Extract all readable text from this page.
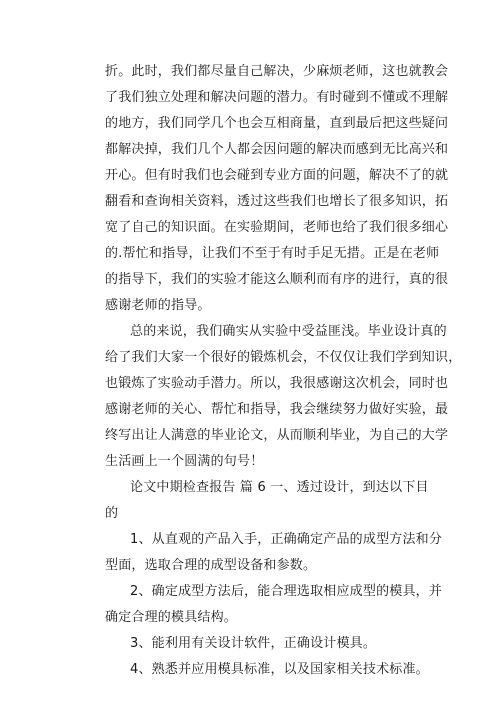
折。此时，我们都尽量自己解决，少麻烦老师，这也就教会
了我们独立处理和解决问题的潜力。有时碰到不懂或不理解
的地方，我们同学几个也会互相商量，直到最后把这些疑问
都解决掉，我们几个人都会因问题的解决而感到无比高兴和
开心。但有时我们也会碰到专业方面的问题，解决不了的就
翻看和查询相关资料，透过这些我们也增长了很多知识，拓
宽了自己的知识面。在实验期间，老师也给了我们很多细心
的.帮忙和指导，让我们不至于有时手足无措。正是在老师
的指导下，我们的实验才能这么顺利而有序的进行，真的很
感谢老师的指导。
总的来说，我们确实从实验中受益匪浅。毕业设计真的
给了我们大家一个很好的锻炼机会，不仅仅让我们学到知识，
也锻炼了实验动手潜力。所以，我很感谢这次机会，同时也
感谢老师的关心、帮忙和指导，我会继续努力做好实验，最
终写出让人满意的毕业论文，从而顺利毕业，为自己的大学
生活画上一个圆满的句号！
论文中期检查报告 篇 6 一、透过设计，到达以下目
的
1、从直观的产品入手，正确确定产品的成型方法和分
型面，选取合理的成型设备和参数。
2、确定成型方法后，能合理选取相应成型的模具，并
确定合理的模具结构。
3、能利用有关设计软件，正确设计模具。
4、熟悉并应用模具标准，以及国家相关技术标准。
